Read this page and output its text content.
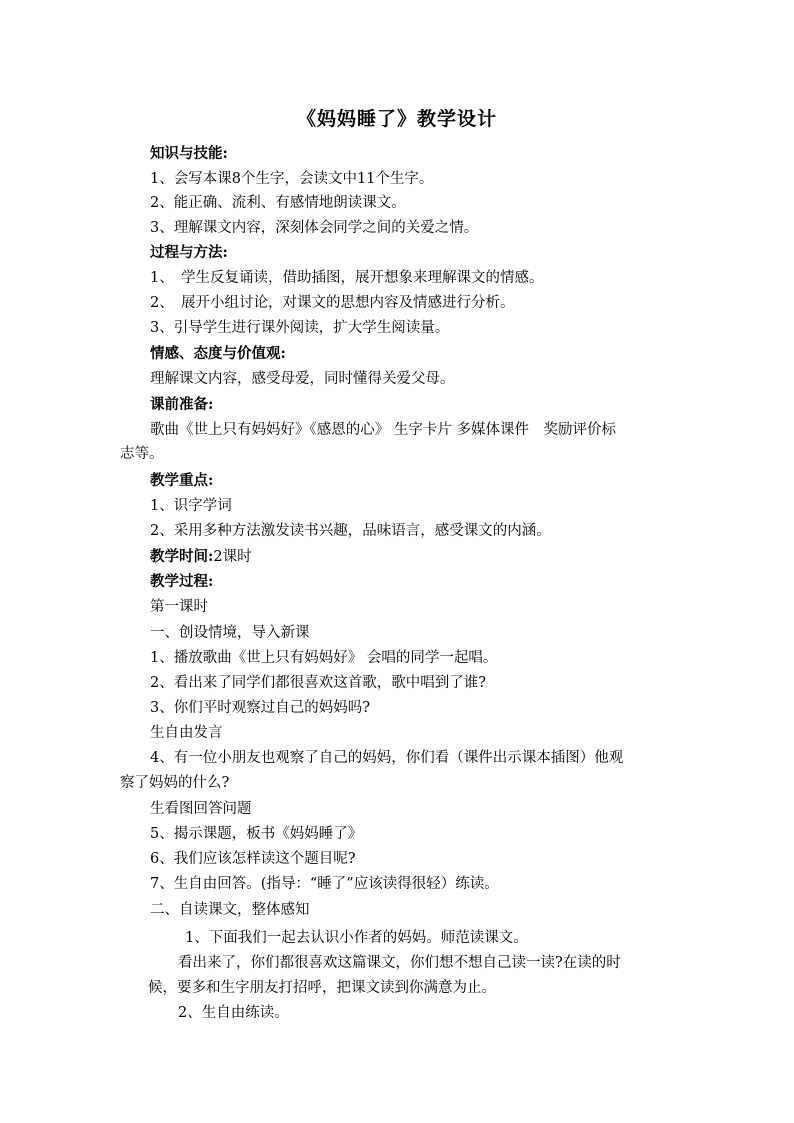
《妈妈睡了》教学设计
知识与技能:
1、会写本课8个生字，会读文中11个生字。
2、能正确、流利、有感情地朗读课文。
3、理解课文内容，深刻体会同学之间的关爱之情。
过程与方法:
1、　学生反复诵读，借助插图，展开想象来理解课文的情感。
2、　展开小组讨论，对课文的思想内容及情感进行分析。
3、引导学生进行课外阅读，扩大学生阅读量。
情感、态度与价值观:
理解课文内容，感受母爱，同时懂得关爱父母。
课前准备:
歌曲《世上只有妈妈好》《感恩的心》 生字卡片 多媒体课件　奖励评价标
志等。
教学重点:
1、识字学词
2、采用多种方法激发读书兴趣，品味语言，感受课文的内涵。
教学时间:2课时
教学过程:
第一课时
一、创设情境，导入新课
1、播放歌曲《世上只有妈妈好》 会唱的同学一起唱。
2、看出来了同学们都很喜欢这首歌，歌中唱到了谁?
3、你们平时观察过自己的妈妈吗?
生自由发言
4、有一位小朋友也观察了自己的妈妈，你们看（课件出示课本插图）他观
察了妈妈的什么?
生看图回答问题
5、揭示课题，板书《妈妈睡了》
6、我们应该怎样读这个题目呢?
7、生自由回答。(指导：“睡了”应该读得很轻）练读。
二、自读课文，整体感知
1、下面我们一起去认识小作者的妈妈。师范读课文。
看出来了，你们都很喜欢这篇课文，你们想不想自己读一读?在读的时
候，要多和生字朋友打招呼，把课文读到你满意为止。
2、生自由练读。
